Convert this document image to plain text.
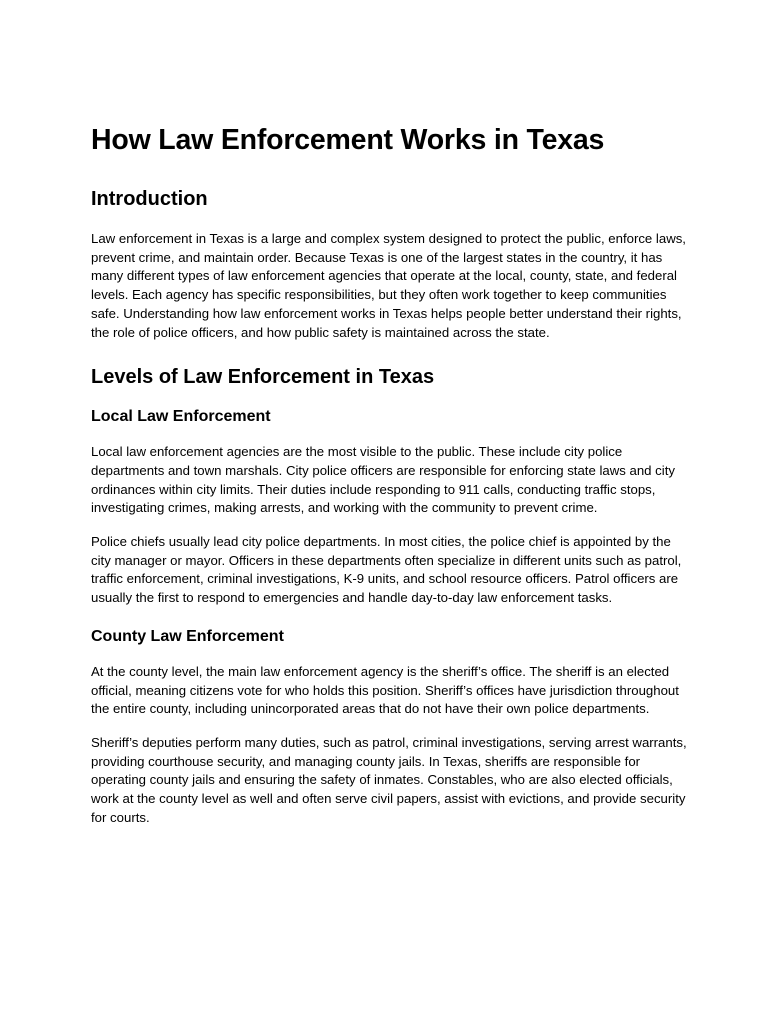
How Law Enforcement Works in Texas
Introduction

Law enforcement in Texas is a large and complex system designed to protect the public, enforce laws, prevent crime, and maintain order. Because Texas is one of the largest states in the country, it has many different types of law enforcement agencies that operate at the local, county, state, and federal levels. Each agency has specific responsibilities, but they often work together to keep communities safe. Understanding how law enforcement works in Texas helps people better understand their rights, the role of police officers, and how public safety is maintained across the state.

Levels of Law Enforcement in Texas
Local Law Enforcement

Local law enforcement agencies are the most visible to the public. These include city police departments and town marshals. City police officers are responsible for enforcing state laws and city ordinances within city limits. Their duties include responding to 911 calls, conducting traffic stops, investigating crimes, making arrests, and working with the community to prevent crime.

Police chiefs usually lead city police departments. In most cities, the police chief is appointed by the city manager or mayor. Officers in these departments often specialize in different units such as patrol, traffic enforcement, criminal investigations, K-9 units, and school resource officers. Patrol officers are usually the first to respond to emergencies and handle day-to-day law enforcement tasks.

County Law Enforcement

At the county level, the main law enforcement agency is the sheriff’s office. The sheriff is an elected official, meaning citizens vote for who holds this position. Sheriff’s offices have jurisdiction throughout the entire county, including unincorporated areas that do not have their own police departments.

Sheriff’s deputies perform many duties, such as patrol, criminal investigations, serving arrest warrants, providing courthouse security, and managing county jails. In Texas, sheriffs are responsible for operating county jails and ensuring the safety of inmates. Constables, who are also elected officials, work at the county level as well and often serve civil papers, assist with evictions, and provide security for courts.
